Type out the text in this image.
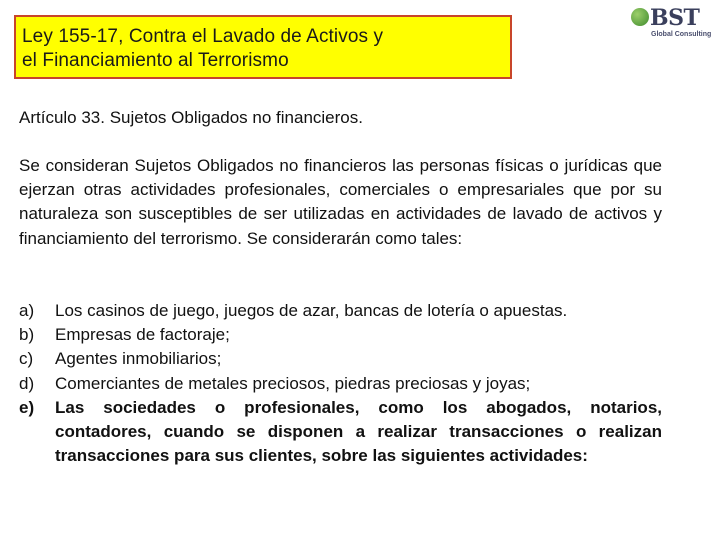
Ley 155-17, Contra el Lavado de Activos y
el Financiamiento al Terrorismo
BST
Global Consulting
Artículo 33. Sujetos Obligados no financieros.

Se consideran Sujetos Obligados no financieros las personas físicas o jurídicas que ejerzan otras actividades profesionales, comerciales o empresariales que por su naturaleza son susceptibles de ser utilizadas en actividades de lavado de activos y financiamiento del terrorismo. Se considerarán como tales:

a)	Los casinos de juego, juegos de azar, bancas de lotería o apuestas.
b)	Empresas de factoraje;
c)	Agentes inmobiliarios;
d)	Comerciantes de metales preciosos, piedras preciosas y joyas;
e)	Las sociedades o profesionales, como los abogados, notarios, contadores, cuando se disponen a realizar transacciones o realizan transacciones para sus clientes, sobre las siguientes actividades:
